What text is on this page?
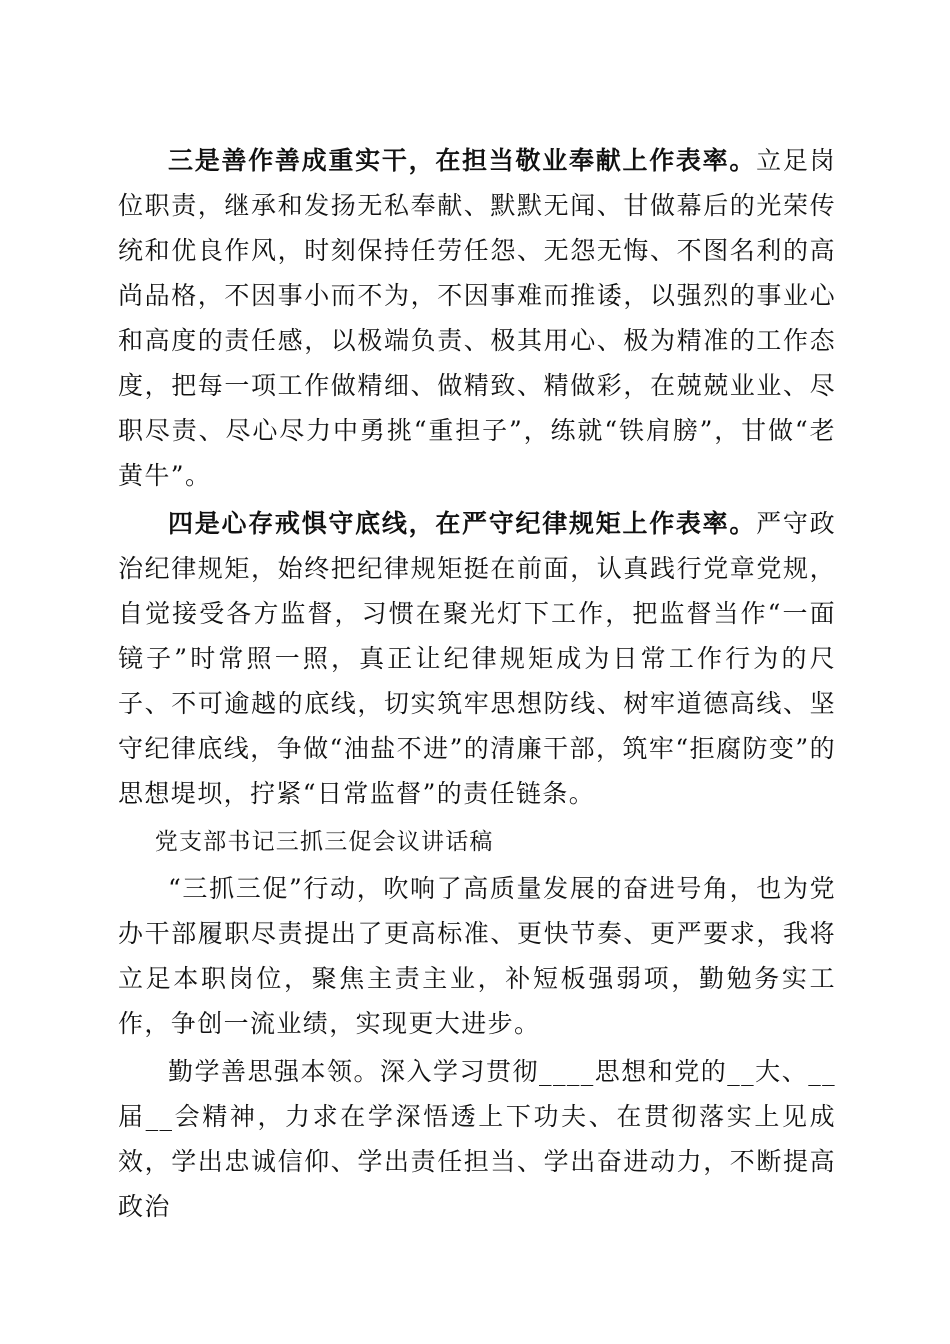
三是善作善成重实干，在担当敬业奉献上作表率。立足岗位职责，继承和发扬无私奉献、默默无闻、甘做幕后的光荣传统和优良作风，时刻保持任劳任怨、无怨无悔、不图名利的高尚品格，不因事小而不为，不因事难而推诿，以强烈的事业心和高度的责任感，以极端负责、极其用心、极为精准的工作态度，把每一项工作做精细、做精致、精做彩，在兢兢业业、尽职尽责、尽心尽力中勇挑“重担子”，练就“铁肩膀”，甘做“老黄牛”。

四是心存戒惧守底线，在严守纪律规矩上作表率。严守政治纪律规矩，始终把纪律规矩挺在前面，认真践行党章党规，自觉接受各方监督，习惯在聚光灯下工作，把监督当作“一面镜子”时常照一照，真正让纪律规矩成为日常工作行为的尺子、不可逾越的底线，切实筑牢思想防线、树牢道德高线、坚守纪律底线，争做“油盐不进”的清廉干部，筑牢“拒腐防变”的思想堤坝，拧紧“日常监督”的责任链条。

党支部书记三抓三促会议讲话稿

“三抓三促”行动，吹响了高质量发展的奋进号角，也为党办干部履职尽责提出了更高标准、更快节奏、更严要求，我将立足本职岗位，聚焦主责主业，补短板强弱项，勤勉务实工作，争创一流业绩，实现更大进步。

勤学善思强本领。深入学习贯彻____思想和党的__大、__届__会精神，力求在学深悟透上下功夫、在贯彻落实上见成效，学出忠诚信仰、学出责任担当、学出奋进动力，不断提高政治
